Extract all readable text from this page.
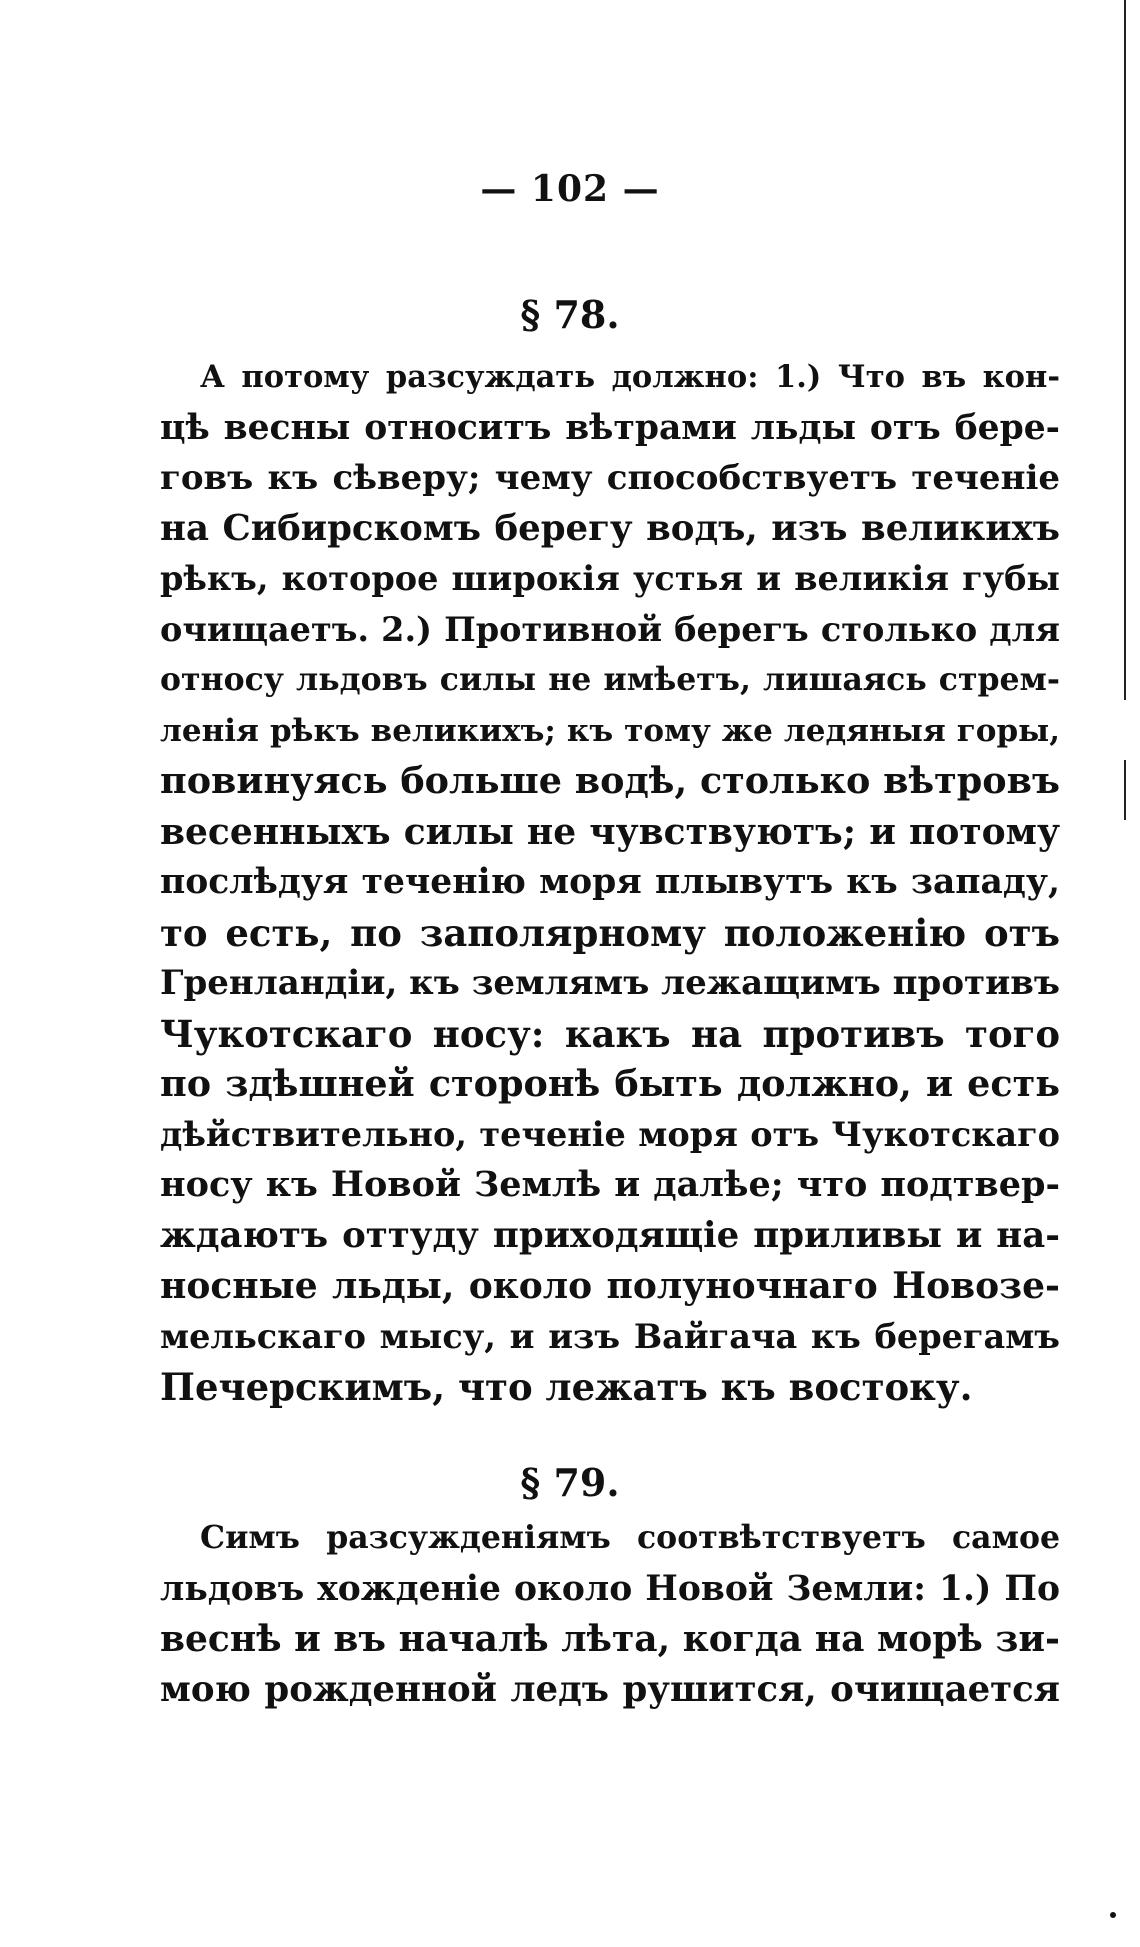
— 102 —
§ 78.
А потому разсуждать должно: 1.) Что въ кон-
цѣ весны относитъ вѣтрами льды отъ бере-
говъ къ сѣверу; чему способствуетъ теченіе
на Сибирскомъ берегу водъ, изъ великихъ
рѣкъ, которое широкія устья и великія губы
очищаетъ. 2.) Противной берегъ столько для
относу льдовъ силы не имѣетъ, лишаясь стрем-
ленія рѣкъ великихъ; къ тому же ледяныя горы,
повинуясь больше водѣ, столько вѣтровъ
весенныхъ силы не чувствуютъ; и потому
послѣдуя теченію моря плывутъ къ западу,
то есть, по заполярному положенію отъ
Гренландіи, къ землямъ лежащимъ противъ
Чукотскаго носу: какъ на противъ того
по здѣшней сторонѣ быть должно, и есть
дѣйствительно, теченіе моря отъ Чукотскаго
носу къ Новой Землѣ и далѣе; что подтвер-
ждаютъ оттуду приходящіе приливы и на-
носные льды, около полуночнаго Новозе-
мельскаго мысу, и изъ Вайгача къ берегамъ
Печерскимъ, что лежатъ къ востоку.
§ 79.
Симъ разсужденіямъ соотвѣтствуетъ самое
льдовъ хожденіе около Новой Земли: 1.) По
веснѣ и въ началѣ лѣта, когда на морѣ зи-
мою рожденной ледъ рушится, очищается
